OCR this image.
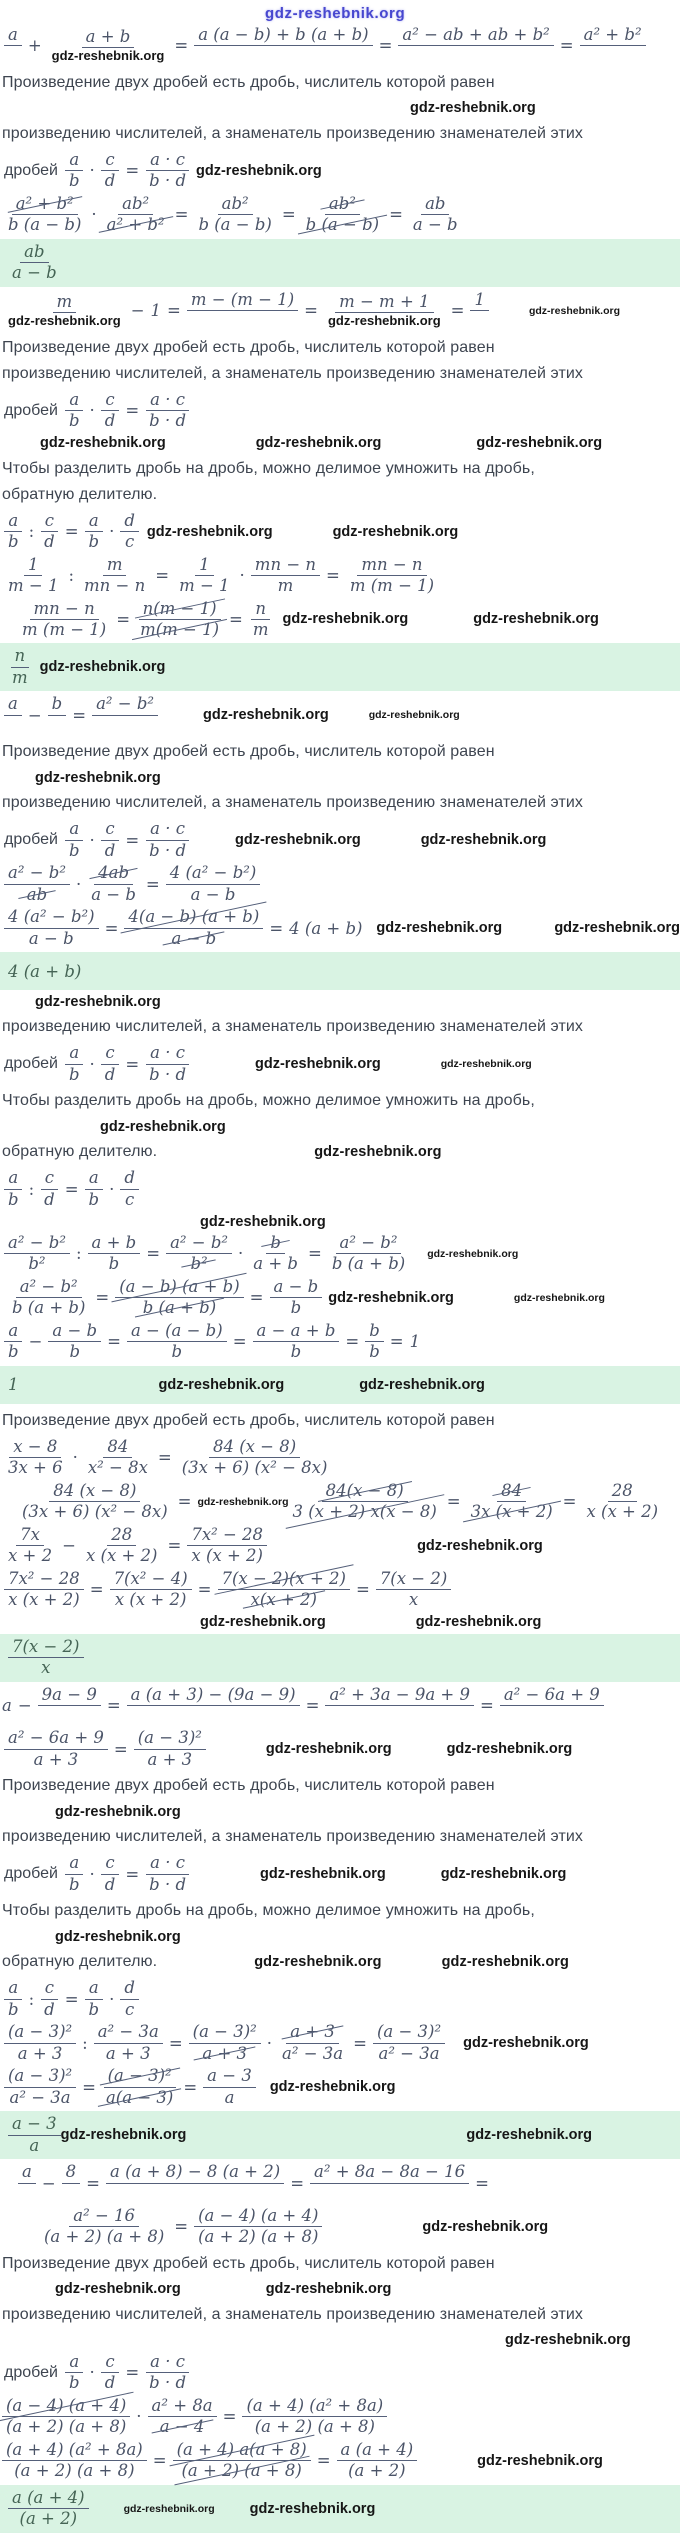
gdz-reshebnik.org
a

+ $\frac{a + b}{\text{gdz-reshebnik.org}}$ =
a (a − b) + b (a + b)

=
a² − ab + ab + b²

=
a² + b²

Произведение двух дробей есть дробь, числитель которой равен
gdz-reshebnik.org
произведению числителей, а знаменатель произведению знаменателей этих
дробей $\frac{a}{b} \cdot \frac{c}{d} = \frac{a \cdot c}{b \cdot d}$ gdz-reshebnik.org
$\frac{\text{a² + b²}}{b (a - b)} \cdot \frac{\text{ab²}}{\text{a² + b²}} = \frac{\text{ab²}}{b (a - b)} = \frac{\text{ab²}}{b (a - b)} = \frac{ab}{a - b}$
$\frac{ab}{a - b}$
$\frac{m}{\text{gdz-reshebnik.org}} - 1$ =
m − (m − 1)

= $\frac{m - m + 1}{\text{gdz-reshebnik.org}}$ =
1

gdz-reshebnik.org
Произведение двух дробей есть дробь, числитель которой равен
произведению числителей, а знаменатель произведению знаменателей этих
дробей $\frac{a}{b} \cdot \frac{c}{d} = \frac{a \cdot c}{b \cdot d}$
gdz-reshebnik.org	gdz-reshebnik.org	gdz-reshebnik.org
Чтобы разделить дробь на дробь, можно делимое умножить на дробь,
обратную делителю.
$\frac{a}{b}$ : $\frac{c}{d} = \frac{a}{b} \cdot \frac{d}{c}$ gdz-reshebnik.org	gdz-reshebnik.org
$\frac{1}{m - 1}$ : $\frac{m}{mn - n} = \frac{1}{m - 1} \cdot \frac{mn - n}{m} = \frac{mn - n}{m (m - 1)}$
$\frac{mn - n}{m (m - 1)} = \frac{n(m - 1)}{m(m - 1)} = \frac{n}{m}$ gdz-reshebnik.org	gdz-reshebnik.org
$\frac{n}{m}$ gdz-reshebnik.org
a

−
b

=
a² − b²

gdz-reshebnik.org	gdz-reshebnik.org
Произведение двух дробей есть дробь, числитель которой равен
gdz-reshebnik.org
произведению числителей, а знаменатель произведению знаменателей этих
дробей $\frac{a}{b} \cdot \frac{c}{d} = \frac{a \cdot c}{b \cdot d}$	gdz-reshebnik.org	gdz-reshebnik.org
$\frac{\text{a² − b²}}{ab} \cdot \frac{4ab}{a - b} = \frac{\text{4 (a² − b²)}}{a - b}$
$\frac{\text{4 (a² − b²)}}{a - b} = \frac{4(a - b) (a + b)}{a - b} = 4$ (a + b) gdz-reshebnik.org	gdz-reshebnik.org
4 (a + b)
gdz-reshebnik.org
произведению числителей, а знаменатель произведению знаменателей этих
дробей $\frac{a}{b} \cdot \frac{c}{d} = \frac{a \cdot c}{b \cdot d}$	gdz-reshebnik.org	gdz-reshebnik.org
Чтобы разделить дробь на дробь, можно делимое умножить на дробь,
gdz-reshebnik.org
обратную делителю.	gdz-reshebnik.org
$\frac{a}{b}$ : $\frac{c}{d} = \frac{a}{b} \cdot \frac{d}{c}$
gdz-reshebnik.org
$\frac{\text{a² − b²}}{\text{b²}}$ : $\frac{a + b}{b} = \frac{\text{a² − b²}}{\text{b²}} \cdot \frac{b}{a + b} = \frac{\text{a² − b²}}{b (a + b)}$ gdz-reshebnik.org
$\frac{\text{a² − b²}}{b (a + b)} = \frac{(a - b) (a + b)}{b (a + b)} = \frac{a - b}{b}$ gdz-reshebnik.org	gdz-reshebnik.org
$\frac{a}{b} - \frac{a - b}{b} = \frac{a - (a - b)}{b} = \frac{a - a + b}{b} = \frac{b}{b} = 1$
1	gdz-reshebnik.org	gdz-reshebnik.org
Произведение двух дробей есть дробь, числитель которой равен
$\frac{x - 8}{3x + 6} \cdot \frac{84}{\text{x² − 8x}} = \frac{84 (x - 8)}{\text{(3x + 6) (x² − 8x)}}$
$\frac{84 (x - 8)}{\text{(3x + 6) (x² − 8x)}}$ = gdz-reshebnik.org $\frac{84(x - 8)}{3 (x + 2) x(x - 8)} = \frac{84}{3x (x + 2)} = \frac{28}{x (x + 2)}$
$\frac{7x}{x + 2} - \frac{28}{x (x + 2)} = \frac{\text{7x² − 28}}{x (x + 2)}$	gdz-reshebnik.org
$\frac{\text{7x² − 28}}{x (x + 2)} = \frac{\text{7(x² − 4)}}{x (x + 2)} = \frac{7(x - 2)(x + 2)}{x(x + 2)} = \frac{7(x - 2)}{x}$
gdz-reshebnik.org	gdz-reshebnik.org
$\frac{7(x - 2)}{x}$
a −
9a − 9

=
a (a + 3) − (9a − 9)

=
a² + 3a − 9a + 9

=
a² − 6a + 9

$\frac{\text{a² − 6a + 9}}{a + 3} = \frac{\text{(a − 3)²}}{a + 3}$	gdz-reshebnik.org	gdz-reshebnik.org
Произведение двух дробей есть дробь, числитель которой равен
gdz-reshebnik.org
произведению числителей, а знаменатель произведению знаменателей этих
дробей $\frac{a}{b} \cdot \frac{c}{d} = \frac{a \cdot c}{b \cdot d}$	gdz-reshebnik.org	gdz-reshebnik.org
Чтобы разделить дробь на дробь, можно делимое умножить на дробь,
gdz-reshebnik.org
обратную делителю.	gdz-reshebnik.org	gdz-reshebnik.org
$\frac{a}{b}$ : $\frac{c}{d} = \frac{a}{b} \cdot \frac{d}{c}$
$\frac{\text{(a − 3)²}}{a + 3}$ : $\frac{\text{a² − 3a}}{a + 3} = \frac{\text{(a − 3)²}}{a + 3} \cdot \frac{a + 3}{\text{a² − 3a}} = \frac{\text{(a − 3)²}}{\text{a² − 3a}}$ gdz-reshebnik.org
$\frac{\text{(a − 3)²}}{\text{a² − 3a}} = \frac{\text{(a − 3)²}}{a(a - 3)} = \frac{a - 3}{a}$ gdz-reshebnik.org
$\frac{a - 3}{a}$ gdz-reshebnik.org	gdz-reshebnik.org
a

−
8

=
a (a + 8) − 8 (a + 2)

=
a² + 8a − 8a − 16

=
$\frac{\text{a² − 16}}{(a + 2) (a + 8)} = \frac{(a - 4) (a + 4)}{(a + 2) (a + 8)}$	gdz-reshebnik.org
Произведение двух дробей есть дробь, числитель которой равен
gdz-reshebnik.org	gdz-reshebnik.org
произведению числителей, а знаменатель произведению знаменателей этих
gdz-reshebnik.org
дробей $\frac{a}{b} \cdot \frac{c}{d} = \frac{a \cdot c}{b \cdot d}$
$\frac{(a - 4) (a + 4)}{(a + 2) (a + 8)} \cdot \frac{\text{a² + 8a}}{a - 4} = \frac{\text{(a + 4) (a² + 8a)}}{(a + 2) (a + 8)}$
$\frac{\text{(a + 4) (a² + 8a)}}{(a + 2) (a + 8)} = \frac{(a + 4) a(a + 8)}{(a + 2) (a + 8)} = \frac{a (a + 4)}{(a + 2)}$	gdz-reshebnik.org
$\frac{a (a + 4)}{(a + 2)}$	gdz-reshebnik.org gdz-reshebnik.org
